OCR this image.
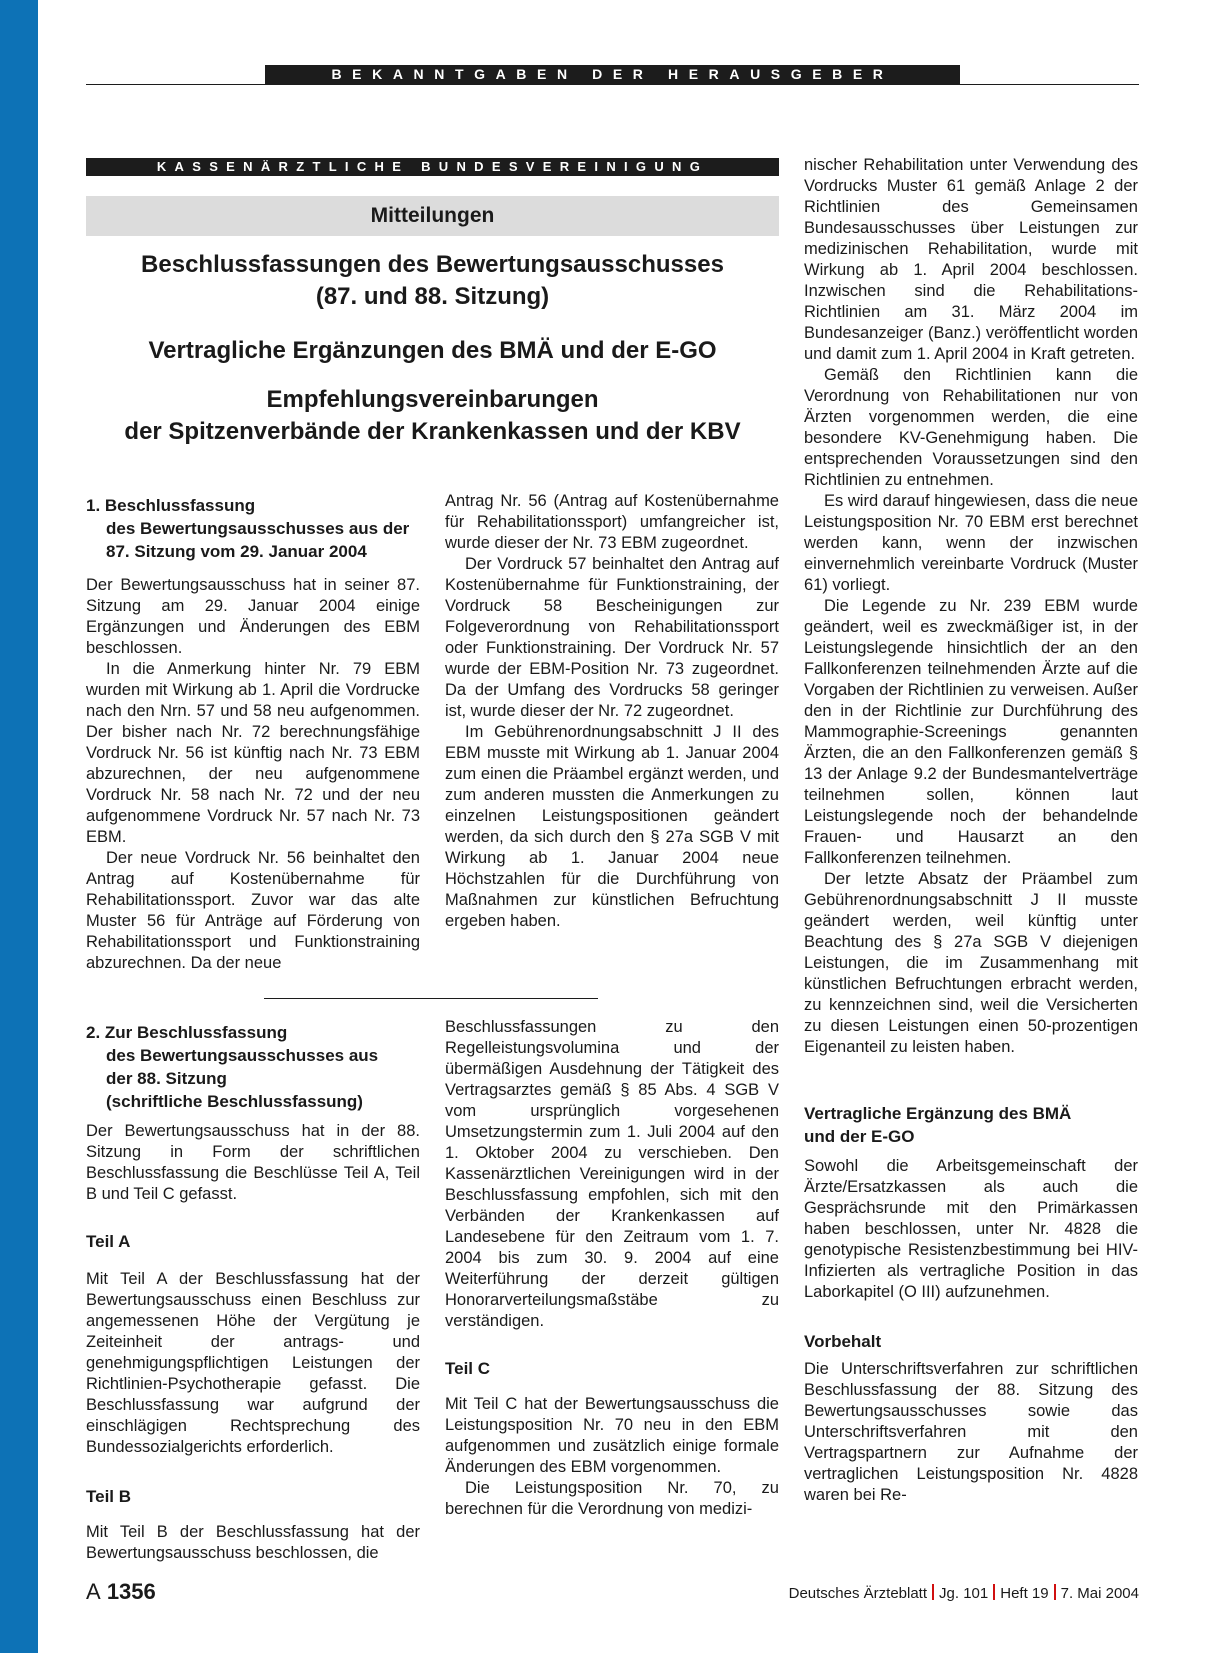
BEKANNTGABEN DER HERAUSGEBER
KASSENÄRZTLICHE BUNDESVEREINIGUNG
Mitteilungen
Beschlussfassungen des Bewertungsausschusses
(87. und 88. Sitzung)
Vertragliche Ergänzungen des BMÄ und der E-GO
Empfehlungsvereinbarungen
der Spitzenverbände der Krankenkassen und der KBV
1. Beschlussfassung
des Bewertungsausschusses aus der
87. Sitzung vom 29. Januar 2004

Der Bewertungsausschuss hat in seiner 87. Sitzung am 29. Januar 2004 einige Ergänzungen und Änderungen des EBM beschlossen.

In die Anmerkung hinter Nr. 79 EBM wurden mit Wirkung ab 1. April die Vordrucke nach den Nrn. 57 und 58 neu aufgenommen. Der bisher nach Nr. 72 berechnungsfähige Vordruck Nr. 56 ist künftig nach Nr. 73 EBM abzurechnen, der neu aufgenommene Vordruck Nr. 58 nach Nr. 72 und der neu aufgenommene Vordruck Nr. 57 nach Nr. 73 EBM.

Der neue Vordruck Nr. 56 beinhaltet den Antrag auf Kostenübernahme für Rehabilitationssport. Zuvor war das alte Muster 56 für Anträge auf Förderung von Rehabilitationssport und Funktionstraining abzurechnen. Da der neue

Antrag Nr. 56 (Antrag auf Kostenübernahme für Rehabilitationssport) umfangreicher ist, wurde dieser der Nr. 73 EBM zugeordnet.

Der Vordruck 57 beinhaltet den Antrag auf Kostenübernahme für Funktionstraining, der Vordruck 58 Bescheinigungen zur Folgeverordnung von Rehabilitationssport oder Funktionstraining. Der Vordruck Nr. 57 wurde der EBM-Position Nr. 73 zugeordnet. Da der Umfang des Vordrucks 58 geringer ist, wurde dieser der Nr. 72 zugeordnet.

Im Gebührenordnungsabschnitt J II des EBM musste mit Wirkung ab 1. Januar 2004 zum einen die Präambel ergänzt werden, und zum anderen mussten die Anmerkungen zu einzelnen Leistungspositionen geändert werden, da sich durch den § 27a SGB V mit Wirkung ab 1. Januar 2004 neue Höchstzahlen für die Durchführung von Maßnahmen zur künstlichen Befruchtung ergeben haben.

2. Zur Beschlussfassung
des Bewertungsausschusses aus
der 88. Sitzung
(schriftliche Beschlussfassung)

Der Bewertungsausschuss hat in der 88. Sitzung in Form der schriftlichen Beschlussfassung die Beschlüsse Teil A, Teil B und Teil C gefasst.

Teil A

Mit Teil A der Beschlussfassung hat der Bewertungsausschuss einen Beschluss zur angemessenen Höhe der Vergütung je Zeiteinheit der antrags- und genehmigungspflichtigen Leistungen der Richtlinien-Psychotherapie gefasst. Die Beschlussfassung war aufgrund der einschlägigen Rechtsprechung des Bundessozialgerichts erforderlich.

Teil B

Mit Teil B der Beschlussfassung hat der Bewertungsausschuss beschlossen, die

Beschlussfassungen zu den Regelleistungsvolumina und der übermäßigen Ausdehnung der Tätigkeit des Vertragsarztes gemäß § 85 Abs. 4 SGB V vom ursprünglich vorgesehenen Umsetzungstermin zum 1. Juli 2004 auf den 1. Oktober 2004 zu verschieben. Den Kassenärztlichen Vereinigungen wird in der Beschlussfassung empfohlen, sich mit den Verbänden der Krankenkassen auf Landesebene für den Zeitraum vom 1. 7. 2004 bis zum 30. 9. 2004 auf eine Weiterführung der derzeit gültigen Honorarverteilungsmaßstäbe zu verständigen.

Teil C

Mit Teil C hat der Bewertungsausschuss die Leistungsposition Nr. 70 neu in den EBM aufgenommen und zusätzlich einige formale Änderungen des EBM vorgenommen.

Die Leistungsposition Nr. 70, zu berechnen für die Verordnung von medizi-

nischer Rehabilitation unter Verwendung des Vordrucks Muster 61 gemäß Anlage 2 der Richtlinien des Gemeinsamen Bundesausschusses über Leistungen zur medizinischen Rehabilitation, wurde mit Wirkung ab 1. April 2004 beschlossen. Inzwischen sind die Rehabilitations-Richtlinien am 31. März 2004 im Bundesanzeiger (Banz.) veröffentlicht worden und damit zum 1. April 2004 in Kraft getreten.

Gemäß den Richtlinien kann die Verordnung von Rehabilitationen nur von Ärzten vorgenommen werden, die eine besondere KV-Genehmigung haben. Die entsprechenden Voraussetzungen sind den Richtlinien zu entnehmen.

Es wird darauf hingewiesen, dass die neue Leistungsposition Nr. 70 EBM erst berechnet werden kann, wenn der inzwischen einvernehmlich vereinbarte Vordruck (Muster 61) vorliegt.

Die Legende zu Nr. 239 EBM wurde geändert, weil es zweckmäßiger ist, in der Leistungslegende hinsichtlich der an den Fallkonferenzen teilnehmenden Ärzte auf die Vorgaben der Richtlinien zu verweisen. Außer den in der Richtlinie zur Durchführung des Mammographie-Screenings genannten Ärzten, die an den Fallkonferenzen gemäß § 13 der Anlage 9.2 der Bundesmantelverträge teilnehmen sollen, können laut Leistungslegende noch der behandelnde Frauen- und Hausarzt an den Fallkonferenzen teilnehmen.

Der letzte Absatz der Präambel zum Gebührenordnungsabschnitt J II musste geändert werden, weil künftig unter Beachtung des § 27a SGB V diejenigen Leistungen, die im Zusammenhang mit künstlichen Befruchtungen erbracht werden, zu kennzeichnen sind, weil die Versicherten zu diesen Leistungen einen 50-prozentigen Eigenanteil zu leisten haben.

Vertragliche Ergänzung des BMÄ
und der E-GO

Sowohl die Arbeitsgemeinschaft der Ärzte/Ersatzkassen als auch die Gesprächsrunde mit den Primärkassen haben beschlossen, unter Nr. 4828 die genotypische Resistenzbestimmung bei HIV-Infizierten als vertragliche Position in das Laborkapitel (O III) aufzunehmen.

Vorbehalt

Die Unterschriftsverfahren zur schriftlichen Beschlussfassung der 88. Sitzung des Bewertungsausschusses sowie das Unterschriftsverfahren mit den Vertragspartnern zur Aufnahme der vertraglichen Leistungsposition Nr. 4828 waren bei Re-

A 1356	Deutsches Ärzteblatt Jg. 101 Heft 19 7. Mai 2004
